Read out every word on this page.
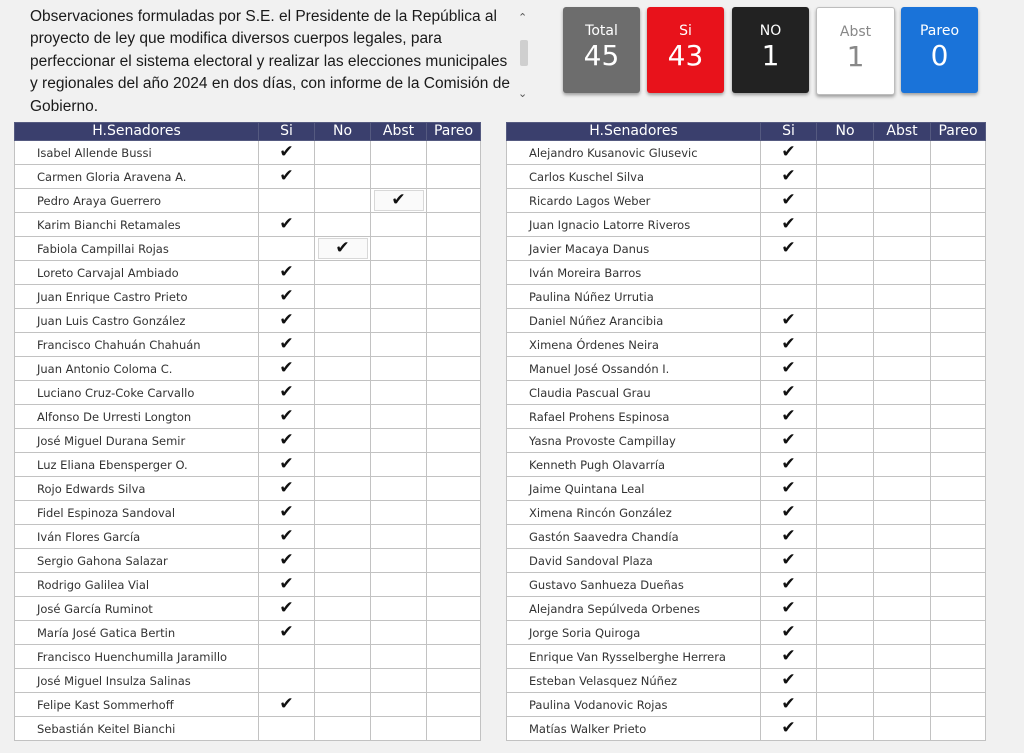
Observaciones formuladas por S.E. el Presidente de la República al proyecto de ley que modifica diversos cuerpos legales, para perfeccionar el sistema electoral y realizar las elecciones municipales y regionales del año 2024 en dos días, con informe de la Comisión de Gobierno.
⌃
⌄
Total
45
Si
43
NO
1
Abst
1
Pareo
0
H.Senadores	Si	No	Abst	Pareo
Isabel Allende Bussi	✔			
Carmen Gloria Aravena A.	✔			
Pedro Araya Guerrero			✔	
Karim Bianchi Retamales	✔			
Fabiola Campillai Rojas		✔		
Loreto Carvajal Ambiado	✔			
Juan Enrique Castro Prieto	✔			
Juan Luis Castro González	✔			
Francisco Chahuán Chahuán	✔			
Juan Antonio Coloma C.	✔			
Luciano Cruz-Coke Carvallo	✔			
Alfonso De Urresti Longton	✔			
José Miguel Durana Semir	✔			
Luz Eliana Ebensperger O.	✔			
Rojo Edwards Silva	✔			
Fidel Espinoza Sandoval	✔			
Iván Flores García	✔			
Sergio Gahona Salazar	✔			
Rodrigo Galilea Vial	✔			
José García Ruminot	✔			
María José Gatica Bertin	✔			
Francisco Huenchumilla Jaramillo				
José Miguel Insulza Salinas				
Felipe Kast Sommerhoff	✔			
Sebastián Keitel Bianchi				
H.Senadores	Si	No	Abst	Pareo
Alejandro Kusanovic Glusevic	✔			
Carlos Kuschel Silva	✔			
Ricardo Lagos Weber	✔			
Juan Ignacio Latorre Riveros	✔			
Javier Macaya Danus	✔			
Iván Moreira Barros				
Paulina Núñez Urrutia				
Daniel Núñez Arancibia	✔			
Ximena Órdenes Neira	✔			
Manuel José Ossandón I.	✔			
Claudia Pascual Grau	✔			
Rafael Prohens Espinosa	✔			
Yasna Provoste Campillay	✔			
Kenneth Pugh Olavarría	✔			
Jaime Quintana Leal	✔			
Ximena Rincón González	✔			
Gastón Saavedra Chandía	✔			
David Sandoval Plaza	✔			
Gustavo Sanhueza Dueñas	✔			
Alejandra Sepúlveda Orbenes	✔			
Jorge Soria Quiroga	✔			
Enrique Van Rysselberghe Herrera	✔			
Esteban Velasquez Núñez	✔			
Paulina Vodanovic Rojas	✔			
Matías Walker Prieto	✔			
